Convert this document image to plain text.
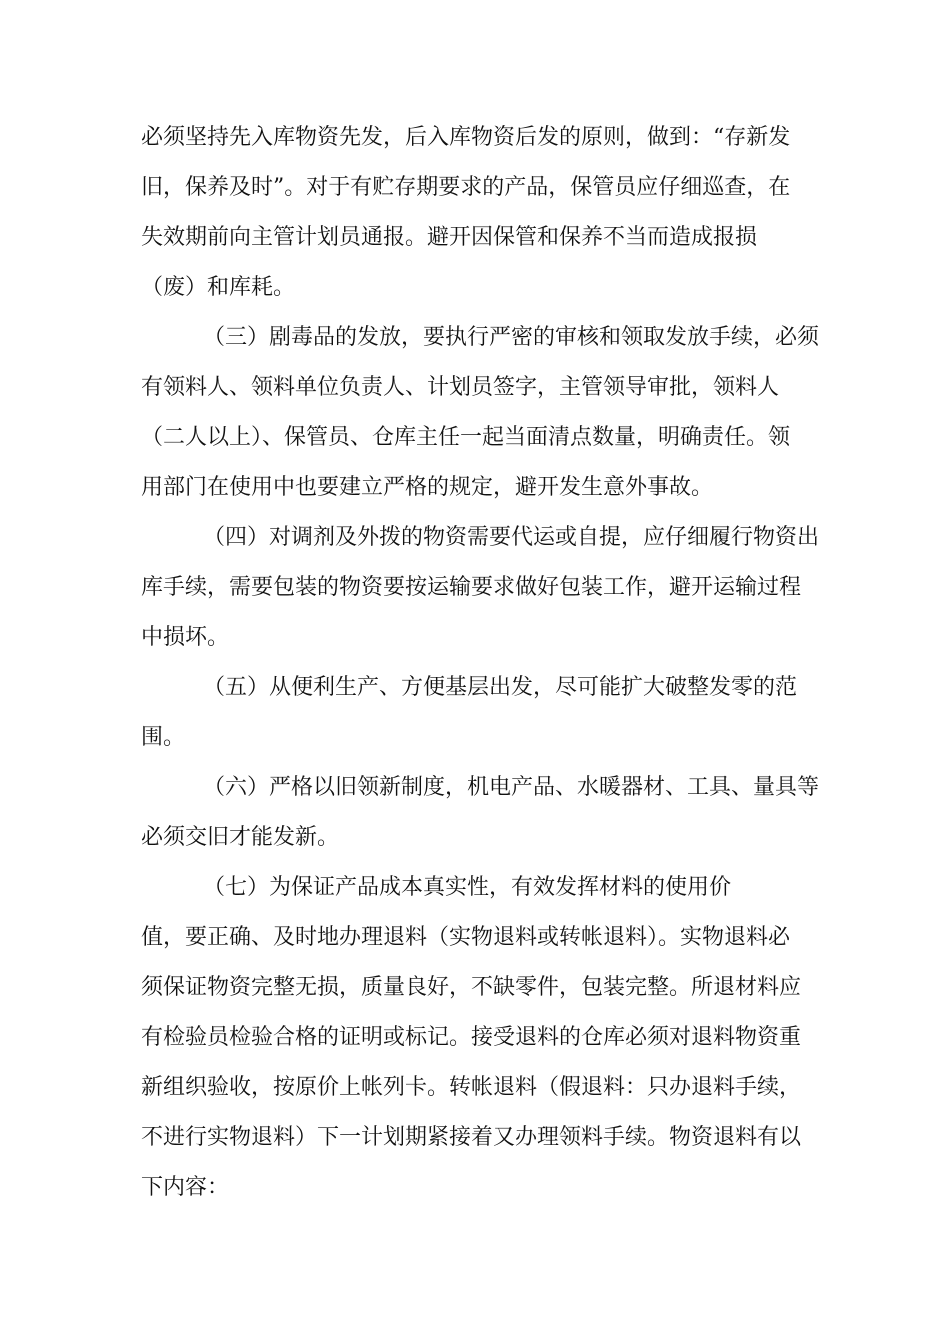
必须坚持先入库物资先发，后入库物资后发的原则，做到：“存新发
旧，保养及时”。对于有贮存期要求的产品，保管员应仔细巡查，在
失效期前向主管计划员通报。避开因保管和保养不当而造成报损
（废）和库耗。

（三）剧毒品的发放，要执行严密的审核和领取发放手续，必须
有领料人、领料单位负责人、计划员签字，主管领导审批，领料人
（二人以上）、保管员、仓库主任一起当面清点数量，明确责任。领
用部门在使用中也要建立严格的规定，避开发生意外事故。

（四）对调剂及外拨的物资需要代运或自提，应仔细履行物资出
库手续，需要包装的物资要按运输要求做好包装工作，避开运输过程
中损坏。

（五）从便利生产、方便基层出发，尽可能扩大破整发零的范
围。

（六）严格以旧领新制度，机电产品、水暖器材、工具、量具等
必须交旧才能发新。

（七）为保证产品成本真实性，有效发挥材料的使用价

值，要正确、及时地办理退料（实物退料或转帐退料）。实物退料必
须保证物资完整无损，质量良好，不缺零件，包装完整。所退材料应
有检验员检验合格的证明或标记。接受退料的仓库必须对退料物资重
新组织验收，按原价上帐列卡。转帐退料（假退料：只办退料手续，
不进行实物退料）下一计划期紧接着又办理领料手续。物资退料有以
下内容：
